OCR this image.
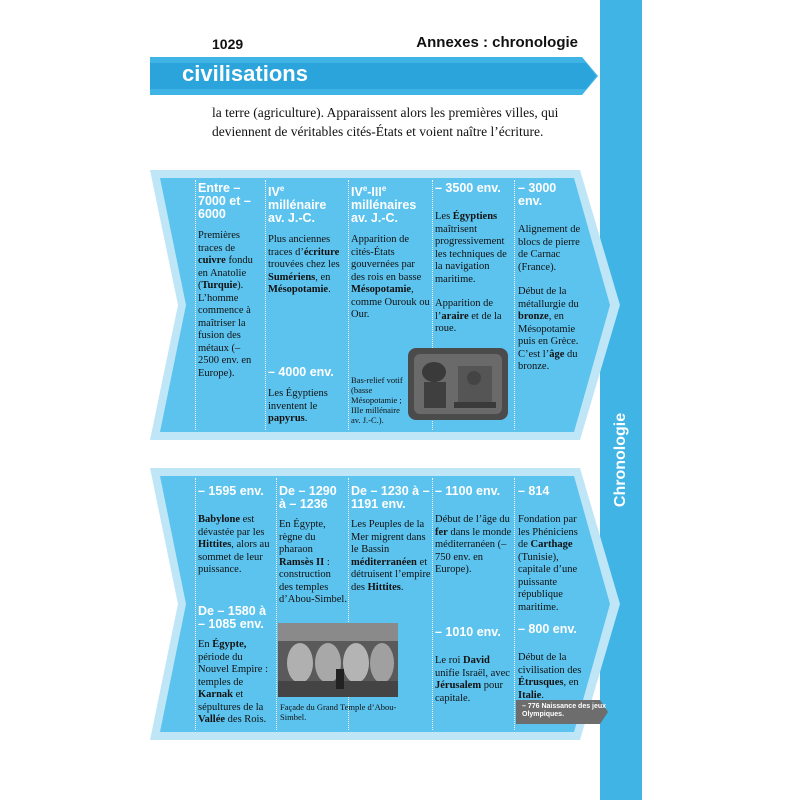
1029	Annexes : chronologie
civilisations
la terre (agriculture). Apparaissent alors les premières villes, qui deviennent de véritables cités-États et voient naître l’écriture.
Chronologie
Entre – 7000 et – 6000
Premières traces de cuivre fondu en Anatolie (Turquie). L’homme commence à maîtriser la fusion des métaux (– 2500 env. en Europe).
IVe millénaire av. J.-C.
Plus anciennes traces d’écriture trouvées chez les Sumériens, en Mésopotamie.
– 4000 env.
Les Égyptiens inventent le papyrus.
IVe-IIIe millénaires av. J.-C.
Apparition de cités-États gouvernées par des rois en basse Mésopotamie, comme Ourouk ou Our.
Bas-relief votif (basse Mésopotamie ; IIIe millénaire av. J.-C.).
– 3500 env.
Les Égyptiens maîtrisent progressivement les techniques de la navigation maritime.
Apparition de l’araire et de la roue.
– 3000 env.
Alignement de blocs de pierre de Carnac (France).
Début de la métallurgie du bronze, en Mésopotamie puis en Grèce. C’est l’âge du bronze.
– 1595 env.
Babylone est dévastée par les Hittites, alors au sommet de leur puissance.
De – 1580 à – 1085 env.
En Égypte, période du Nouvel Empire : temples de Karnak et sépultures de la Vallée des Rois.
De – 1290 à – 1236
En Égypte, règne du pharaon Ramsès II : construction des temples d’Abou-Simbel.
Façade du Grand Temple d’Abou-Simbel.
De – 1230 à – 1191 env.
Les Peuples de la Mer migrent dans le Bassin méditerranéen et détruisent l’empire des Hittites.
– 1100 env.
Début de l’âge du fer dans le monde méditerranéen (– 750 env. en Europe).
– 1010 env.
Le roi David unifie Israël, avec Jérusalem pour capitale.
– 814
Fondation par les Phéniciens de Carthage (Tunisie), capitale d’une puissante république maritime.
– 800 env.
Début de la civilisation des Étrusques, en Italie.
– 776 Naissance des jeux Olympiques.
